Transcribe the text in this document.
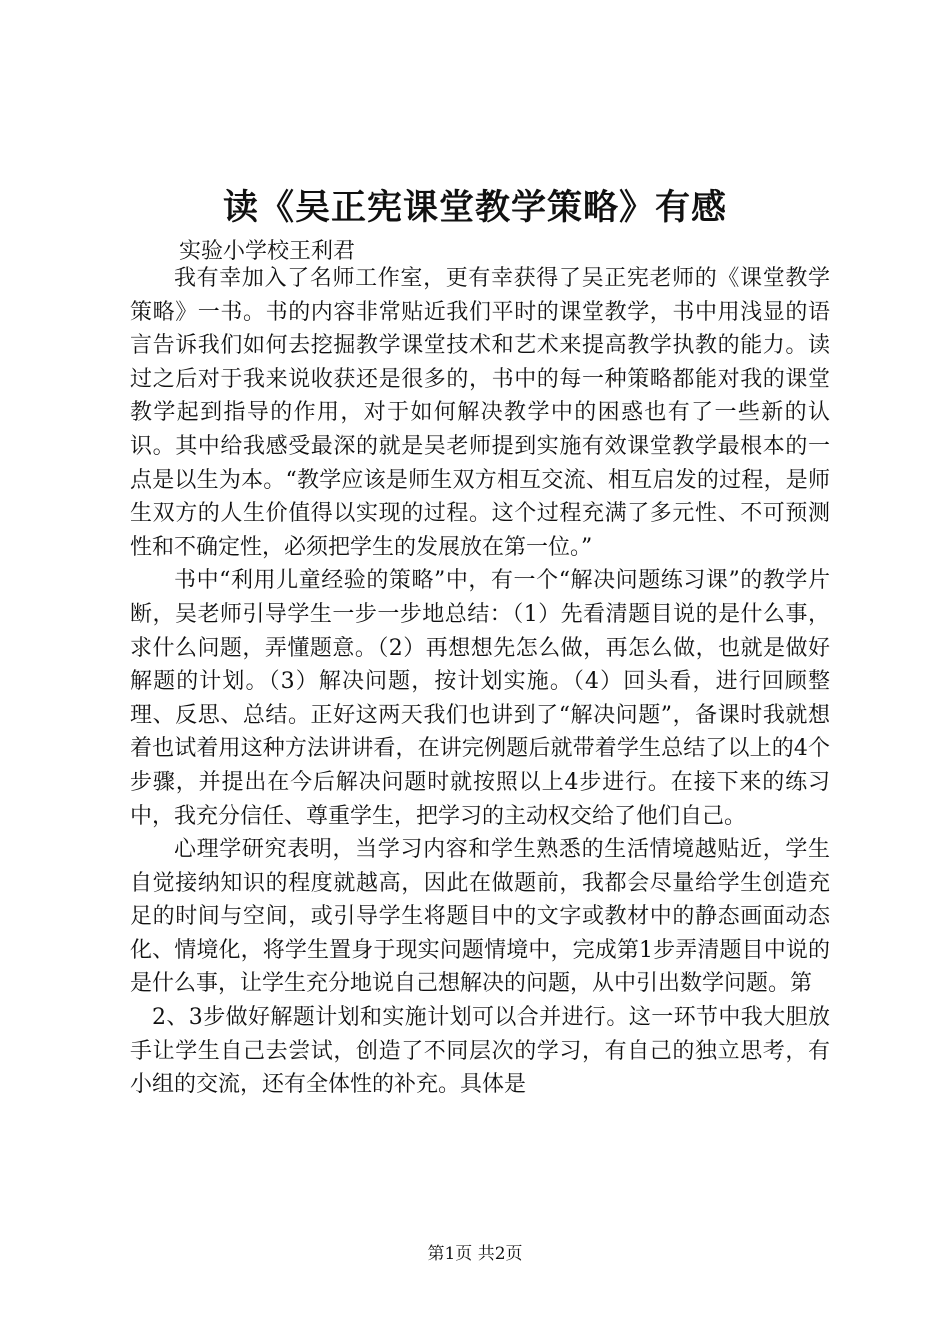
读《吴正宪课堂教学策略》有感
实验小学校王利君

我有幸加入了名师工作室，更有幸获得了吴正宪老师的《课堂教学策略》一书。书的内容非常贴近我们平时的课堂教学，书中用浅显的语言告诉我们如何去挖掘教学课堂技术和艺术来提高教学执教的能力。读过之后对于我来说收获还是很多的，书中的每一种策略都能对我的课堂教学起到指导的作用，对于如何解决教学中的困惑也有了一些新的认识。其中给我感受最深的就是吴老师提到实施有效课堂教学最根本的一点是以生为本。“教学应该是师生双方相互交流、相互启发的过程，是师生双方的人生价值得以实现的过程。这个过程充满了多元性、不可预测性和不确定性，必须把学生的发展放在第一位。”

书中“利用儿童经验的策略”中，有一个“解决问题练习课”的教学片断，吴老师引导学生一步一步地总结：（1）先看清题目说的是什么事，求什么问题，弄懂题意。（2）再想想先怎么做，再怎么做，也就是做好解题的计划。（3）解决问题，按计划实施。（4）回头看，进行回顾整理、反思、总结。正好这两天我们也讲到了“解决问题”，备课时我就想着也试着用这种方法讲讲看，在讲完例题后就带着学生总结了以上的4个步骤，并提出在今后解决问题时就按照以上4步进行。在接下来的练习中，我充分信任、尊重学生，把学习的主动权交给了他们自己。

心理学研究表明，当学习内容和学生熟悉的生活情境越贴近，学生自觉接纳知识的程度就越高，因此在做题前，我都会尽量给学生创造充足的时间与空间，或引导学生将题目中的文字或教材中的静态画面动态化、情境化，将学生置身于现实问题情境中，完成第1步弄清题目中说的是什么事，让学生充分地说自己想解决的问题，从中引出数学问题。第

2、3步做好解题计划和实施计划可以合并进行。这一环节中我大胆放手让学生自己去尝试，创造了不同层次的学习，有自己的独立思考，有小组的交流，还有全体性的补充。具体是

第1页 共2页
